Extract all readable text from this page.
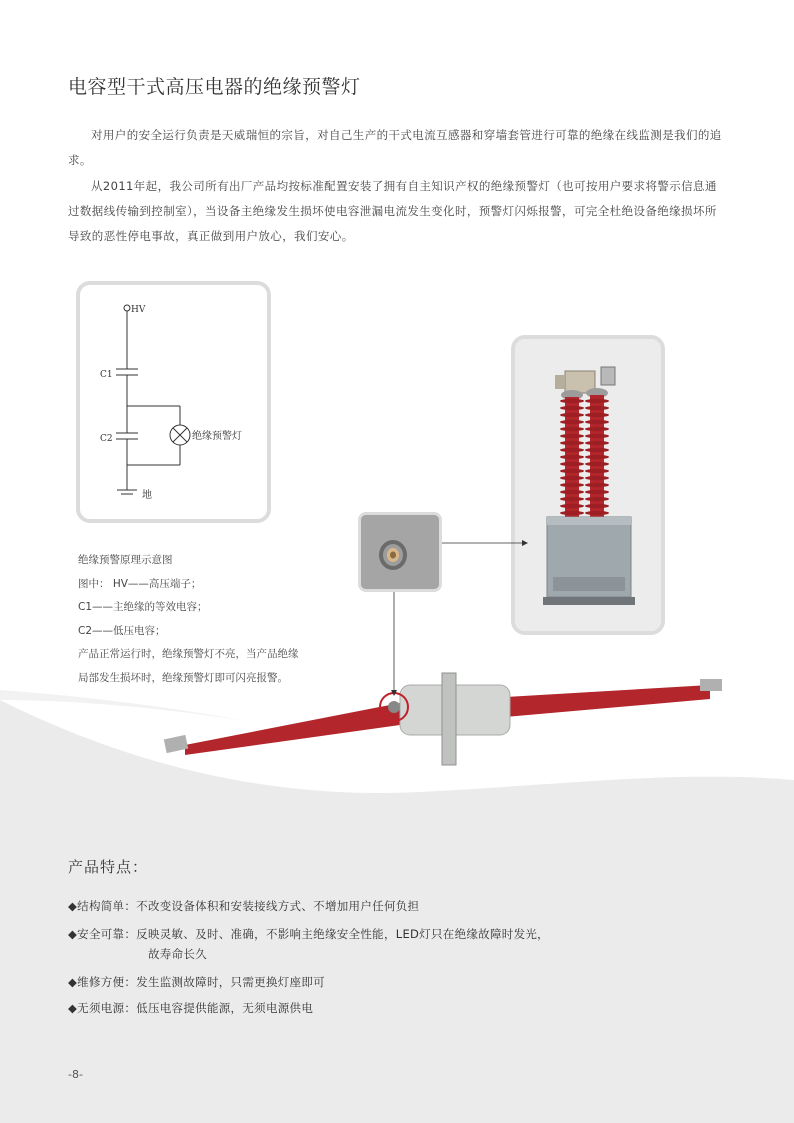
电容型干式高压电器的绝缘预警灯
对用户的安全运行负责是天威瑞恒的宗旨，对自己生产的干式电流互感器和穿墙套管进行可靠的绝缘在线监测是我们的追求。
从2011年起，我公司所有出厂产品均按标准配置安装了拥有自主知识产权的绝缘预警灯（也可按用户要求将警示信息通过数据线传输到控制室），当设备主绝缘发生损坏使电容泄漏电流发生变化时，预警灯闪烁报警，可完全杜绝设备绝缘损坏所导致的恶性停电事故，真正做到用户放心，我们安心。
HV
C1
C2	绝缘预警灯
地
绝缘预警原理示意图
图中： HV——高压端子；
C1——主绝缘的等效电容；
C2——低压电容；
产品正常运行时，绝缘预警灯不亮，当产品绝缘
局部发生损坏时，绝缘预警灯即可闪亮报警。
产品特点：
◆结构简单：不改变设备体积和安装接线方式、不增加用户任何负担
◆安全可靠：反映灵敏、及时、准确，不影响主绝缘安全性能，LED灯只在绝缘故障时发光，
故寿命长久
◆维修方便：发生监测故障时，只需更换灯座即可
◆无须电源：低压电容提供能源，无须电源供电
-8-
